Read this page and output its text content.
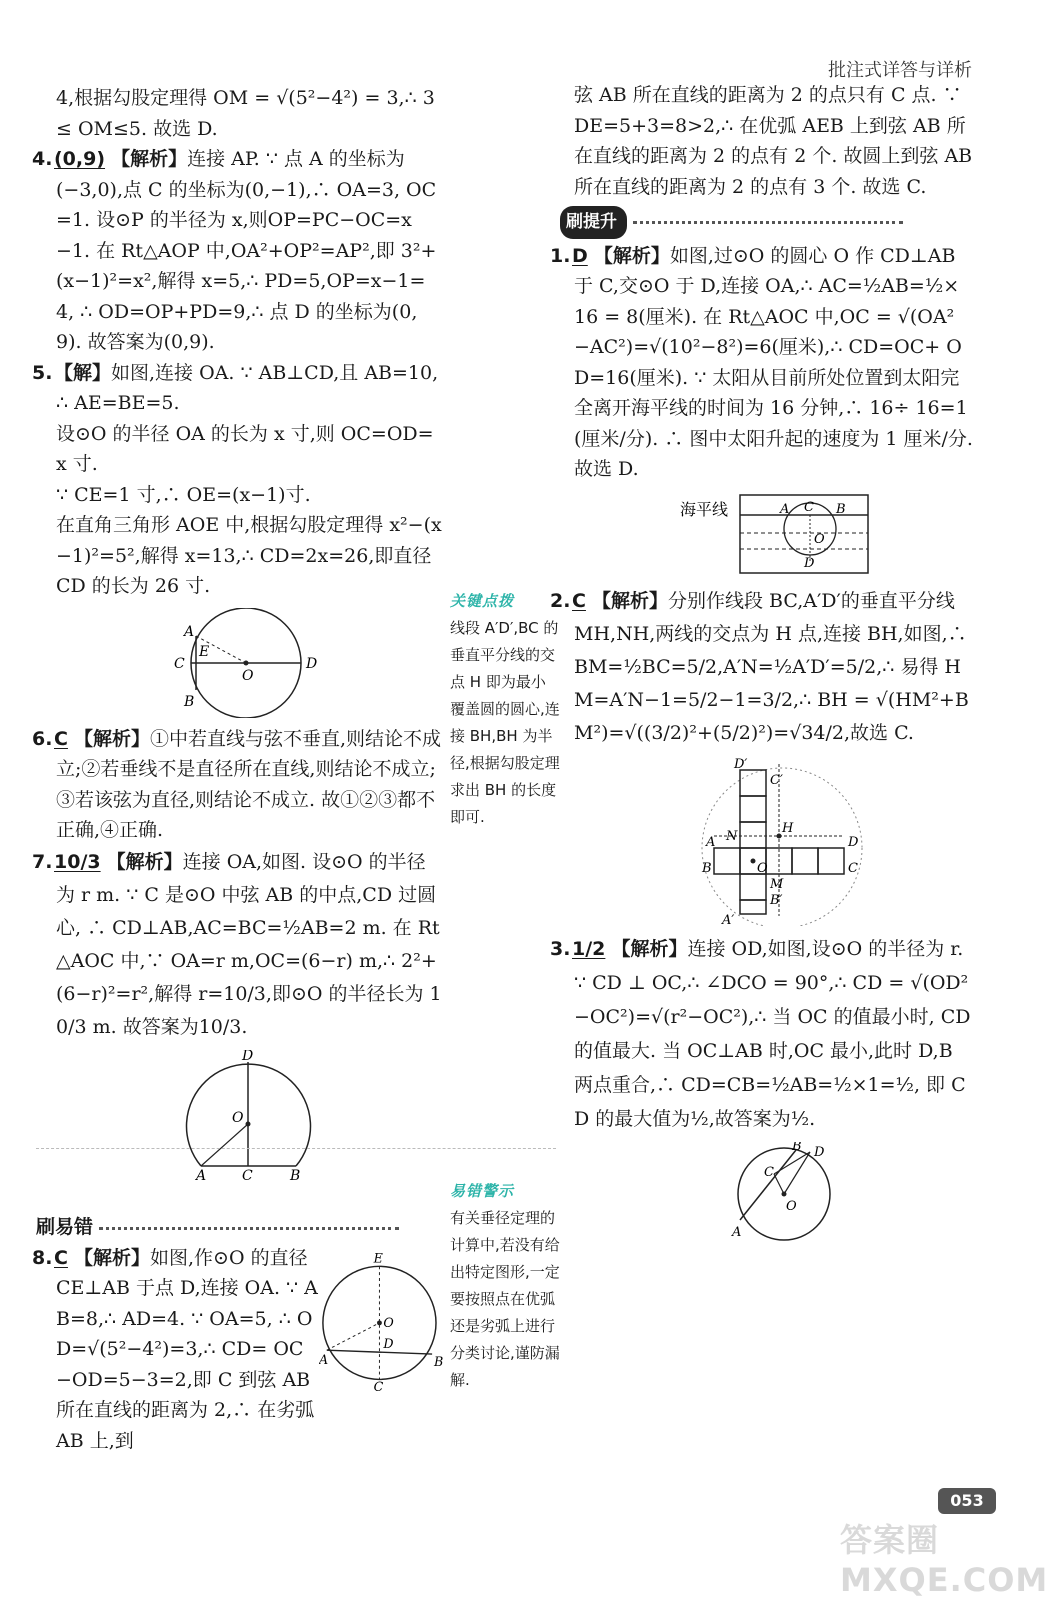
批注式详答与详析

4,根据勾股定理得 OM = √(5²−4²) = 3,∴ 3 ≤ OM≤5. 故选 D.

4.(0,9) 【解析】连接 AP. ∵ 点 A 的坐标为(−3,0),点 C 的坐标为(0,−1),∴ OA=3, OC=1. 设⊙P 的半径为 x,则OP=PC−OC=x−1. 在 Rt△AOP 中,OA²+OP²=AP²,即 3²+(x−1)²=x²,解得 x=5,∴ PD=5,OP=x−1=4, ∴ OD=OP+PD=9,∴ 点 D 的坐标为(0,9). 故答案为(0,9).

5.【解】如图,连接 OA. ∵ AB⊥CD,且 AB=10, ∴ AE=BE=5.

设⊙O 的半径 OA 的长为 x 寸,则 OC=OD= x 寸.

∵ CE=1 寸,∴ OE=(x−1)寸.

在直角三角形 AOE 中,根据勾股定理得 x²−(x−1)²=5²,解得 x=13,∴ CD=2x=26,即直径 CD 的长为 26 寸.

A
C
E
O
D
B

6.C 【解析】①中若直线与弦不垂直,则结论不成立;②若垂线不是直径所在直线,则结论不成立;③若该弦为直径,则结论不成立. 故①②③都不正确,④正确.

7.10/3 【解析】连接 OA,如图. 设⊙O 的半径为 r m. ∵ C 是⊙O 中弦 AB 的中点,CD 过圆心, ∴ CD⊥AB,AC=BC=½AB=2 m. 在 Rt△AOC 中,∵ OA=r m,OC=(6−r) m,∴ 2²+(6−r)²=r²,解得 r=10/3,即⊙O 的半径长为 10/3 m. 故答案为10/3.

D
O
A	C	B
刷易错

8.C 【解析】如图,作⊙O 的直径 CE⊥AB 于点 D,连接 OA. ∵ AB=8,∴ AD=4. ∵ OA=5, ∴ OD=√(5²−4²)=3,∴ CD= OC−OD=5−3=2,即 C 到弦 AB 所在直线的距离为 2,∴ 在劣弧 AB 上,到

E
O
D
A	B
C
关键点拨
线段 A′D′,BC 的垂直平分线的交点 H 即为最小覆盖圆的圆心,连接 BH,BH 为半径,根据勾股定理求出 BH 的长度即可.
易错警示
有关垂径定理的计算中,若没有给出特定图形,一定要按照点在优弧还是劣弧上进行分类讨论,谨防漏解.

弦 AB 所在直线的距离为 2 的点只有 C 点. ∵ DE=5+3=8>2,∴ 在优弧 AEB 上到弦 AB 所在直线的距离为 2 的点有 2 个. 故圆上到弦 AB 所在直线的距离为 2 的点有 3 个. 故选 C.

刷提升

1.D 【解析】如图,过⊙O 的圆心 O 作 CD⊥AB 于 C,交⊙O 于 D,连接 OA,∴ AC=½AB=½× 16 = 8(厘米). 在 Rt△AOC 中,OC = √(OA²−AC²)=√(10²−8²)=6(厘米),∴ CD=OC+ OD=16(厘米). ∵ 太阳从目前所处位置到太阳完全离开海平线的时间为 16 分钟,∴ 16÷ 16=1(厘米/分). ∴ 图中太阳升起的速度为 1 厘米/分. 故选 D.

海平线	A C B
O
D

2.C 【解析】分别作线段 BC,A′D′的垂直平分线 MH,NH,两线的交点为 H 点,连接 BH,如图,∴ BM=½BC=5/2,A′N=½A′D′=5/2,∴ 易得 HM=A′N−1=5/2−1=3/2,∴ BH = √(HM²+BM²)=√((3/2)²+(5/2)²)=√34/2,故选 C.

D′
C′
H
N
A	D
B	O	C
M
B′
A′

3.1/2 【解析】连接 OD,如图,设⊙O 的半径为 r. ∵ CD ⊥ OC,∴ ∠DCO = 90°,∴ CD = √(OD²−OC²)=√(r²−OC²),∴ 当 OC 的值最小时, CD 的值最大. 当 OC⊥AB 时,OC 最小,此时 D,B 两点重合,∴ CD=CB=½AB=½×1=½, 即 CD 的最大值为½,故答案为½.

B D
C
O
A
053
答案圈 MXQE.COM
